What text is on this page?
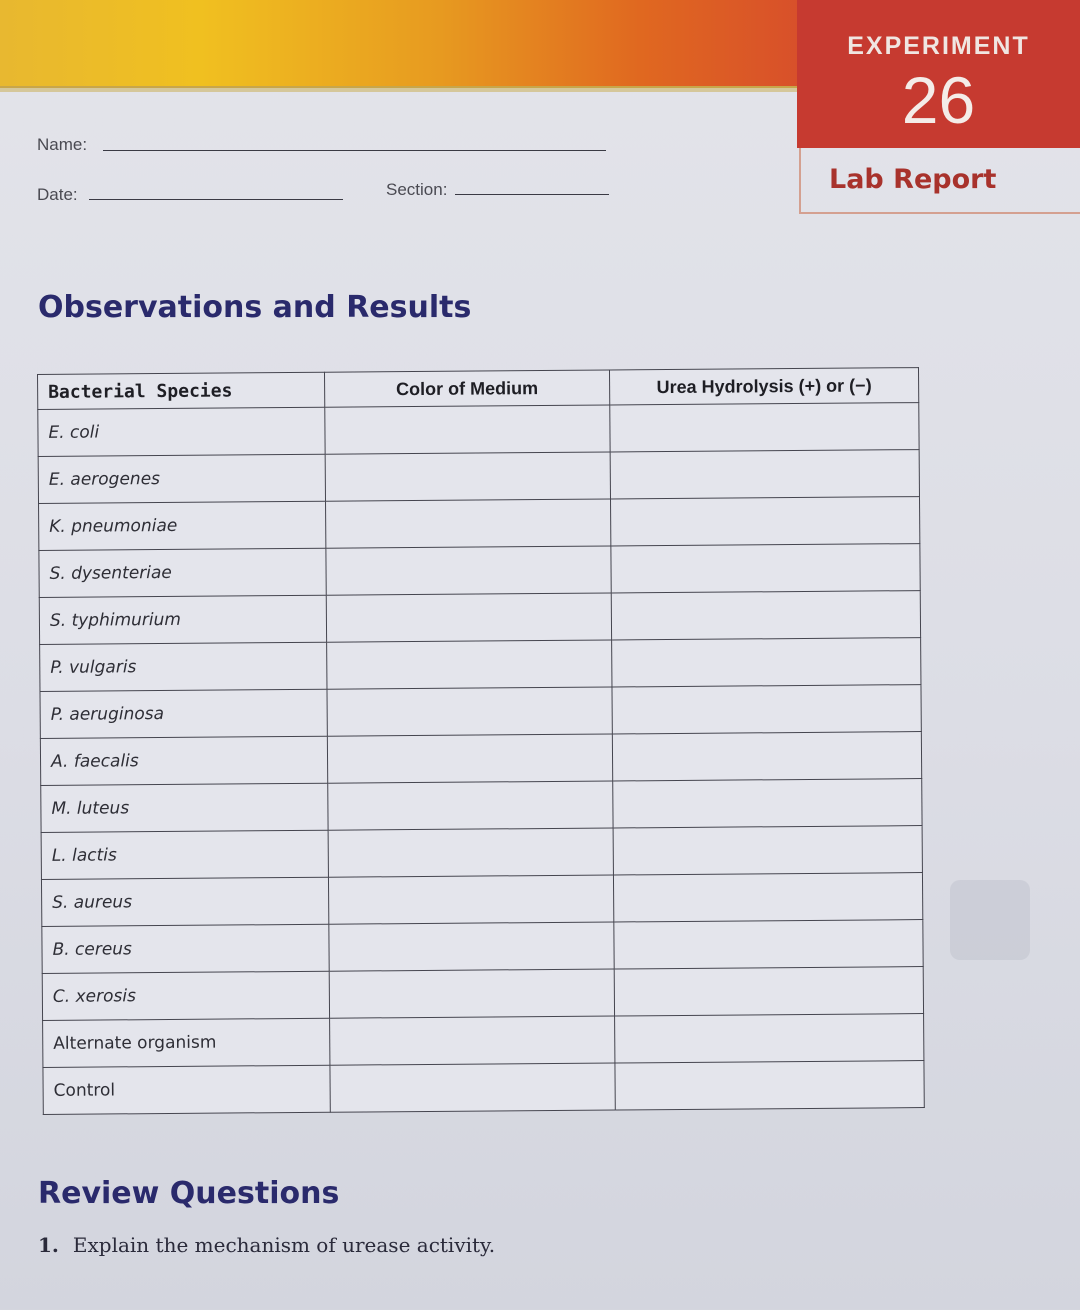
EXPERIMENT
26
Lab Report
Name:
Date:	Section:
Observations and Results
Bacterial Species	Color of Medium	Urea Hydrolysis (+) or (−)
E. coli		
E. aerogenes		
K. pneumoniae		
S. dysenteriae		
S. typhimurium		
P. vulgaris		
P. aeruginosa		
A. faecalis		
M. luteus		
L. lactis		
S. aureus		
B. cereus		
C. xerosis		
Alternate organism		
Control		
Review Questions
1. Explain the mechanism of urease activity.
